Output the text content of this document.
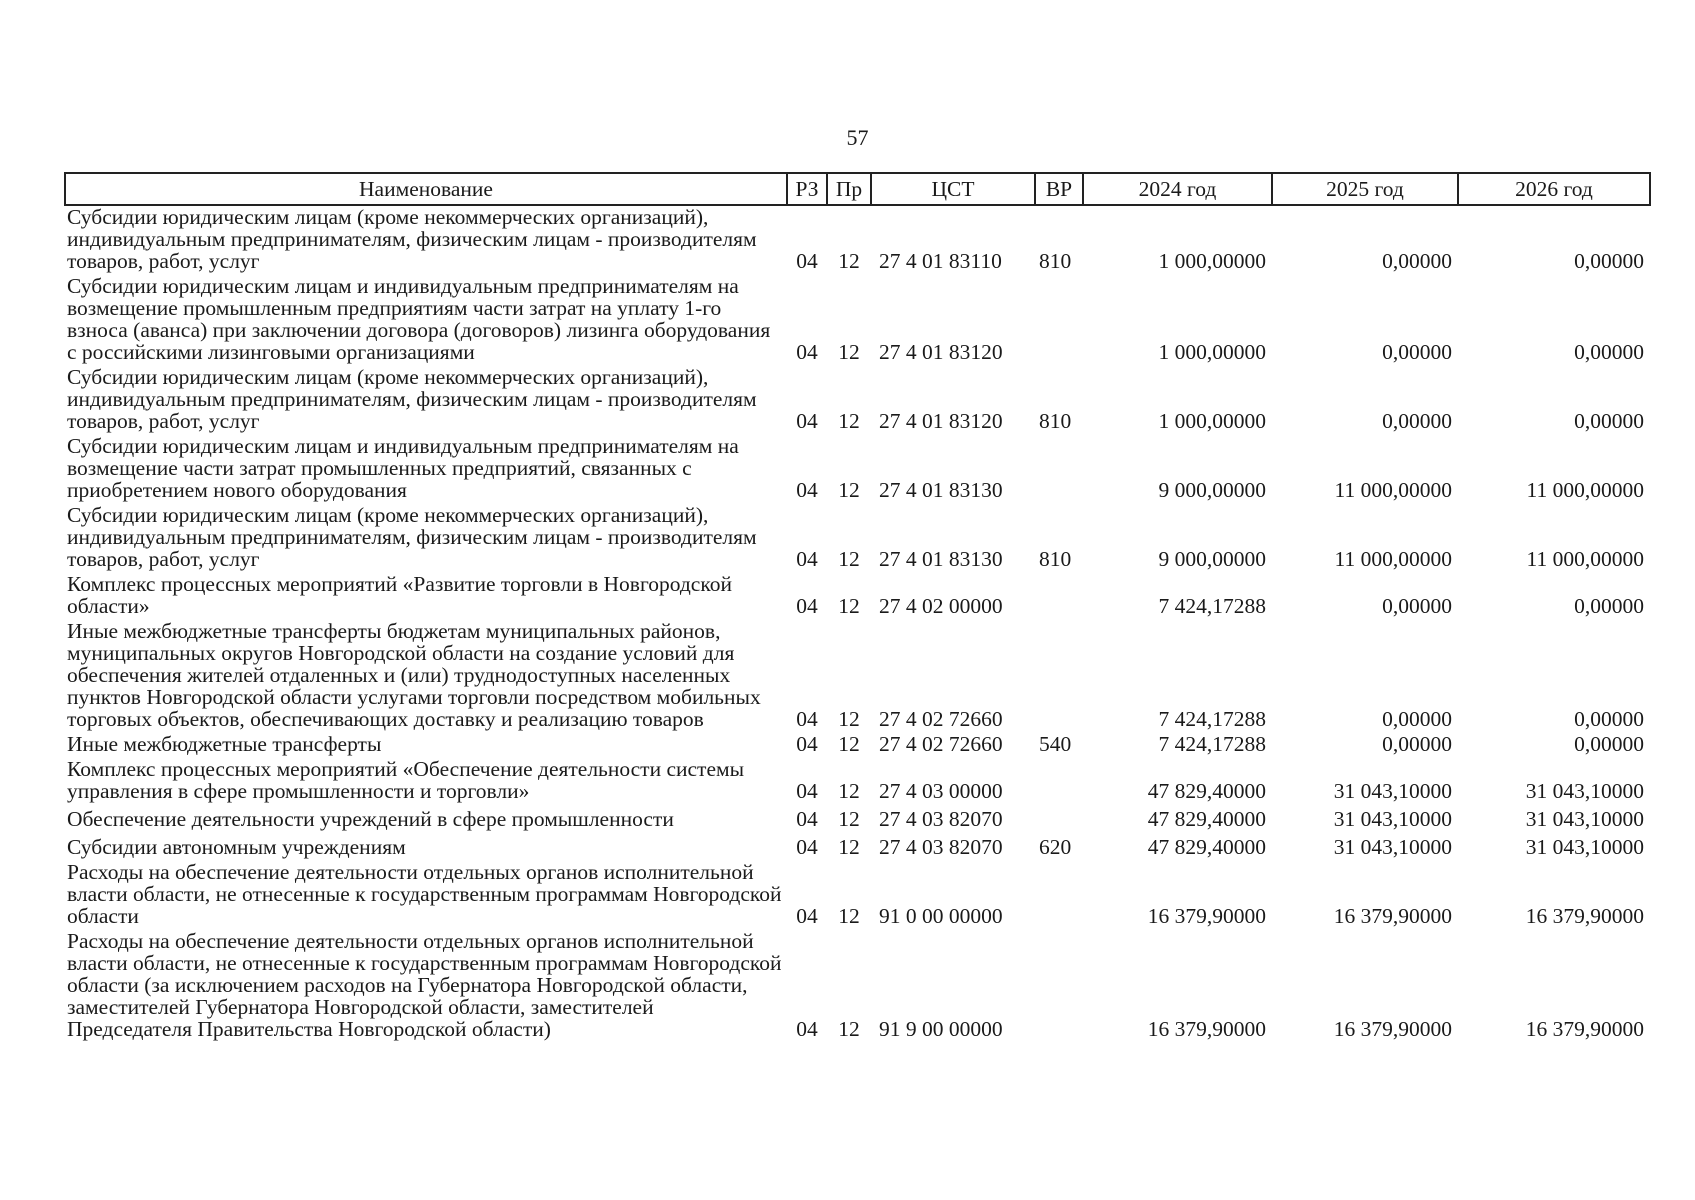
57
Наименование	РЗ	Пр	ЦСТ	ВР	2024 год	2025 год	2026 год
Субсидии юридическим лицам (кроме некоммерческих организаций), индивидуальным предпринимателям, физическим лицам - производителям товаров, работ, услуг	04	12	27 4 01 83110	810	1 000,00000	0,00000	0,00000
Субсидии юридическим лицам и индивидуальным предпринимателям на возмещение промышленным предприятиям части затрат на уплату 1-го взноса (аванса) при заключении договора (договоров) лизинга оборудования с российскими лизинговыми организациями	04	12	27 4 01 83120		1 000,00000	0,00000	0,00000
Субсидии юридическим лицам (кроме некоммерческих организаций), индивидуальным предпринимателям, физическим лицам - производителям товаров, работ, услуг	04	12	27 4 01 83120	810	1 000,00000	0,00000	0,00000
Субсидии юридическим лицам и индивидуальным предпринимателям на возмещение части затрат промышленных предприятий, связанных с приобретением нового оборудования	04	12	27 4 01 83130		9 000,00000	11 000,00000	11 000,00000
Субсидии юридическим лицам (кроме некоммерческих организаций), индивидуальным предпринимателям, физическим лицам - производителям товаров, работ, услуг	04	12	27 4 01 83130	810	9 000,00000	11 000,00000	11 000,00000
Комплекс процессных мероприятий «Развитие торговли в Новгородской области»	04	12	27 4 02 00000		7 424,17288	0,00000	0,00000
Иные межбюджетные трансферты бюджетам муниципальных районов, муниципальных округов Новгородской области на создание условий для обеспечения жителей отдаленных и (или) труднодоступных населенных пунктов Новгородской области услугами торговли посредством мобильных торговых объектов, обеспечивающих доставку и реализацию товаров	04	12	27 4 02 72660		7 424,17288	0,00000	0,00000
Иные межбюджетные трансферты	04	12	27 4 02 72660	540	7 424,17288	0,00000	0,00000
Комплекс процессных мероприятий «Обеспечение деятельности системы управления в сфере промышленности и торговли»	04	12	27 4 03 00000		47 829,40000	31 043,10000	31 043,10000
Обеспечение деятельности учреждений в сфере промышленности	04	12	27 4 03 82070		47 829,40000	31 043,10000	31 043,10000
Субсидии автономным учреждениям	04	12	27 4 03 82070	620	47 829,40000	31 043,10000	31 043,10000
Расходы на обеспечение деятельности отдельных органов исполнительной власти области, не отнесенные к государственным программам Новгородской области	04	12	91 0 00 00000		16 379,90000	16 379,90000	16 379,90000
Расходы на обеспечение деятельности отдельных органов исполнительной власти области, не отнесенные к государственным программам Новгородской области (за исключением расходов на Губернатора Новгородской области, заместителей Губернатора Новгородской области, заместителей Председателя Правительства Новгородской области)	04	12	91 9 00 00000		16 379,90000	16 379,90000	16 379,90000
